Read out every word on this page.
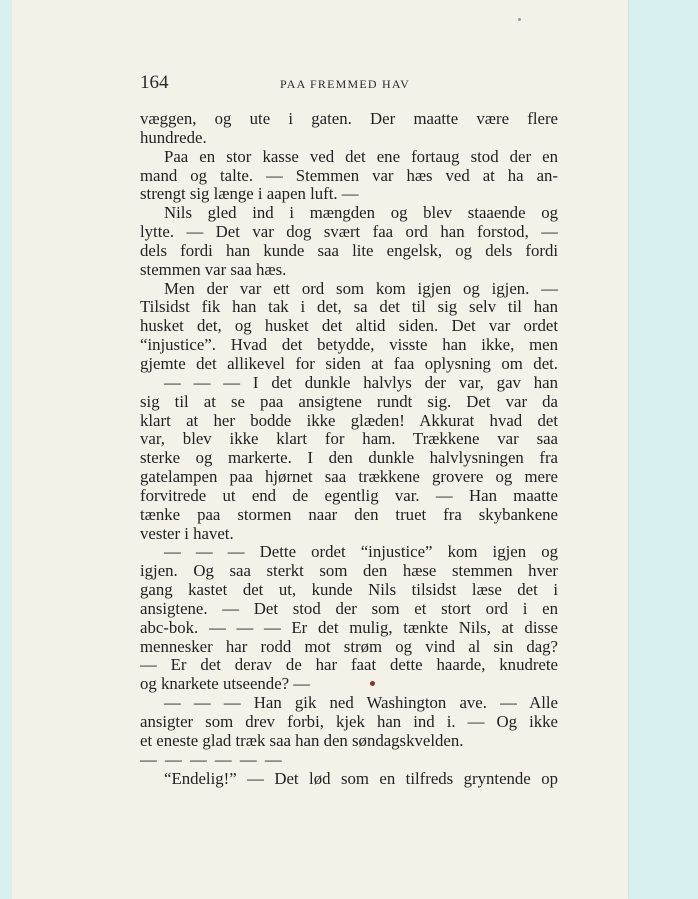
164	PAA FREMMED HAV
væggen, og ute i gaten. Der maatte være flere
hundrede.
Paa en stor kasse ved det ene fortaug stod der en
mand og talte. — Stemmen var hæs ved at ha an-
strengt sig længe i aapen luft. —
Nils gled ind i mængden og blev staaende og
lytte. — Det var dog svært faa ord han forstod, —
dels fordi han kunde saa lite engelsk, og dels fordi
stemmen var saa hæs.
Men der var ett ord som kom igjen og igjen. —
Tilsidst fik han tak i det, sa det til sig selv til han
husket det, og husket det altid siden. Det var ordet
“injustice”. Hvad det betydde, visste han ikke, men
gjemte det allikevel for siden at faa oplysning om det.
— — — I det dunkle halvlys der var, gav han
sig til at se paa ansigtene rundt sig. Det var da
klart at her bodde ikke glæden! Akkurat hvad det
var, blev ikke klart for ham. Trækkene var saa
sterke og markerte. I den dunkle halvlysningen fra
gatelampen paa hjørnet saa trækkene grovere og mere
forvitrede ut end de egentlig var. — Han maatte
tænke paa stormen naar den truet fra skybankene
vester i havet.
— — — Dette ordet “injustice” kom igjen og
igjen. Og saa sterkt som den hæse stemmen hver
gang kastet det ut, kunde Nils tilsidst læse det i
ansigtene. — Det stod der som et stort ord i en
abc-bok. — — — Er det mulig, tænkte Nils, at disse
mennesker har rodd mot strøm og vind al sin dag?
— Er det derav de har faat dette haarde, knudrete
og knarkete utseende? —
— — — Han gik ned Washington ave. — Alle
ansigter som drev forbi, kjek han ind i. — Og ikke
et eneste glad træk saa han den søndagskvelden.
— — — — — —
“Endelig!” — Det lød som en tilfreds gryntende op
